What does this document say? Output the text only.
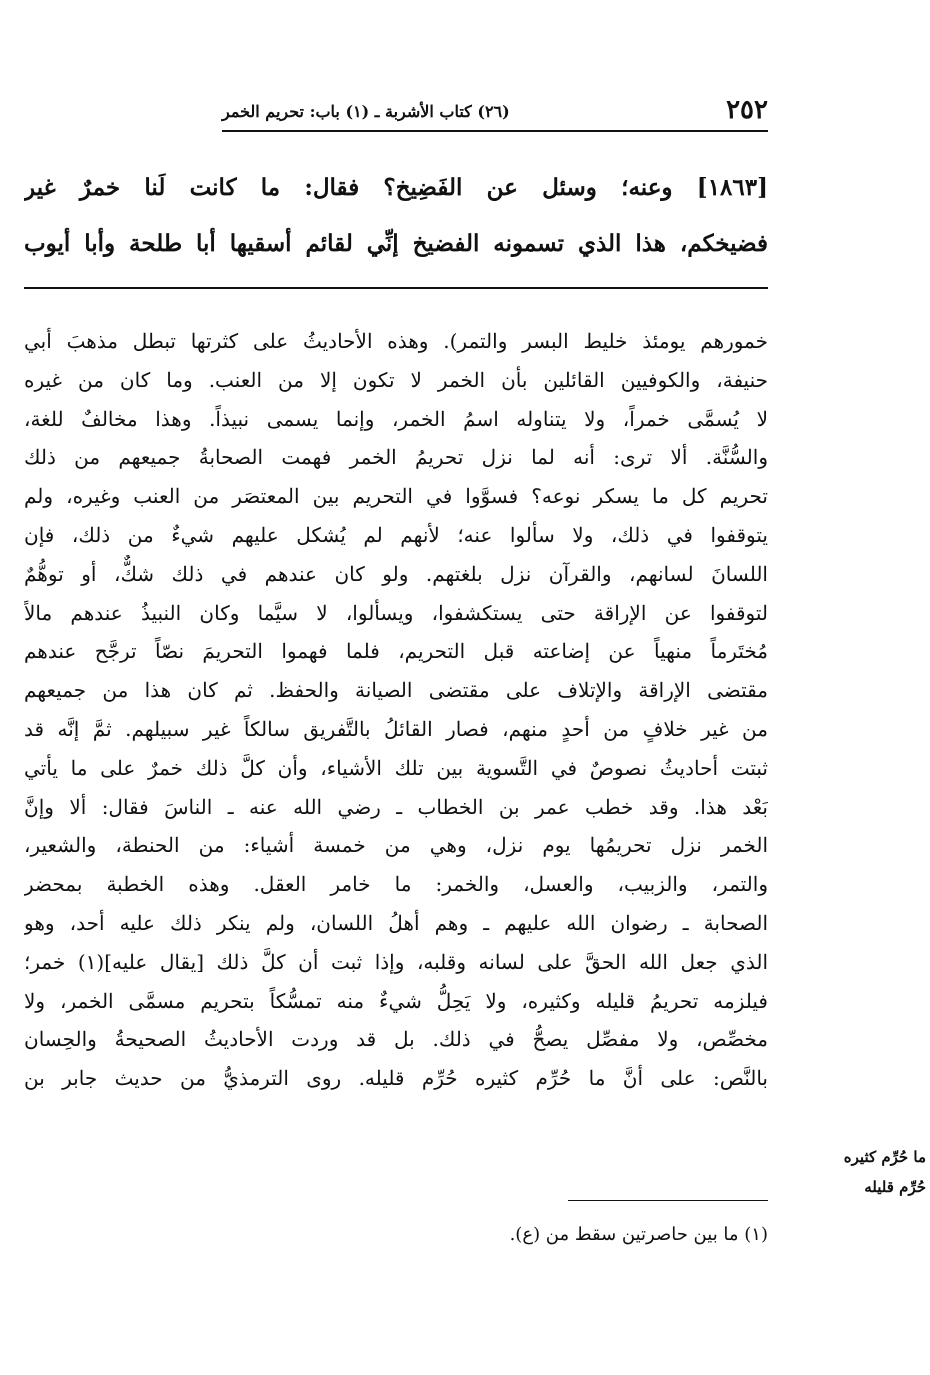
٢٥٢
(٢٦) كتاب الأشربة ـ (١) باب: تحريم الخمر
[١٨٦٣] وعنه؛ وسئل عن الفَضِيخ؟ فقال: ما كانت لَنا خمرٌ غير
فضيخكم، هذا الذي تسمونه الفضيخ إنِّي لقائم أسقيها أبا طلحة وأبا أيوب
خمورهم يومئذ خليط البسر والتمر). وهذه الأحاديثُ على كثرتها تبطل مذهبَ أبي
حنيفة، والكوفيين القائلين بأن الخمر لا تكون إلا من العنب. وما كان من غيره
لا يُسمَّى خمراً، ولا يتناوله اسمُ الخمر، وإنما يسمى نبيذاً. وهذا مخالفٌ للغة،
والسُّنَّة. ألا ترى: أنه لما نزل تحريمُ الخمر فهمت الصحابةُ جميعهم من ذلك
تحريم كل ما يسكر نوعه؟ فسوَّوا في التحريم بين المعتصَر من العنب وغيره، ولم
يتوقفوا في ذلك، ولا سألوا عنه؛ لأنهم لم يُشكل عليهم شيءٌ من ذلك، فإن
اللسانَ لسانهم، والقرآن نزل بلغتهم. ولو كان عندهم في ذلك شكٌّ، أو توهُّمٌ
لتوقفوا عن الإراقة حتى يستكشفوا، ويسألوا، لا سيَّما وكان النبيذُ عندهم مالاً
مُختَرماً منهياً عن إضاعته قبل التحريم، فلما فهموا التحريمَ نصّاً ترجَّح عندهم
مقتضى الإراقة والإتلاف على مقتضى الصيانة والحفظ. ثم كان هذا من جميعهم
من غير خلافٍ من أحدٍ منهم، فصار القائلُ بالتَّفريق سالكاً غير سبيلهم. ثمَّ إنَّه قد
ثبتت أحاديثُ نصوصٌ في التَّسوية بين تلك الأشياء، وأن كلَّ ذلك خمرٌ على ما يأتي
بَعْد هذا. وقد خطب عمر بن الخطاب ـ رضي الله عنه ـ الناسَ فقال: ألا وإنَّ
الخمر نزل تحريمُها يوم نزل، وهي من خمسة أشياء: من الحنطة، والشعير،
والتمر، والزبيب، والعسل، والخمر: ما خامر العقل. وهذه الخطبة بمحضر
الصحابة ـ رضوان الله عليهم ـ وهم أهلُ اللسان، ولم ينكر ذلك عليه أحد، وهو
الذي جعل الله الحقَّ على لسانه وقلبه، وإذا ثبت أن كلَّ ذلك [يقال عليه](١) خمر؛
فيلزمه تحريمُ قليله وكثيره، ولا يَحِلُّ شيءٌ منه تمسُّكاً بتحريم مسمَّى الخمر، ولا
مخصِّص، ولا مفصِّل يصحُّ في ذلك. بل قد وردت الأحاديثُ الصحيحةُ والحِسان
بالنَّص: على أنَّ ما حُرِّم كثيره حُرِّم قليله. روى الترمذيُّ من حديث جابر بن
ما حُرِّم كثيره
حُرِّم قليله
(١) ما بين حاصرتين سقط من (ع).
